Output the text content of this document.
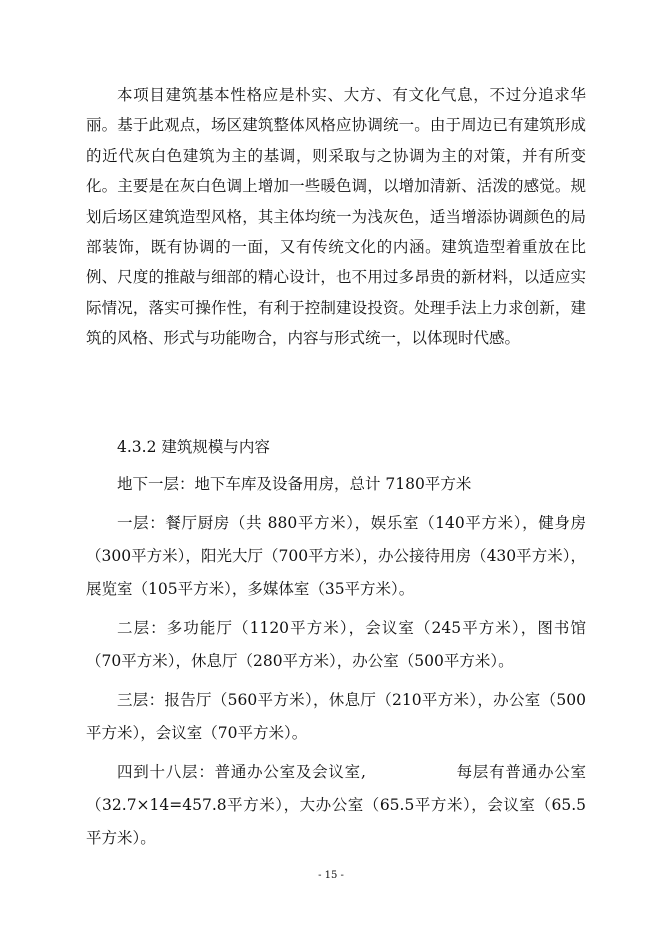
本项目建筑基本性格应是朴实、大方、有文化气息，不过分追求华丽。基于此观点，场区建筑整体风格应协调统一。由于周边已有建筑形成的近代灰白色建筑为主的基调，则采取与之协调为主的对策，并有所变化。主要是在灰白色调上增加一些暖色调，以增加清新、活泼的感觉。规划后场区建筑造型风格，其主体均统一为浅灰色，适当增添协调颜色的局部装饰，既有协调的一面，又有传统文化的内涵。建筑造型着重放在比例、尺度的推敲与细部的精心设计，也不用过多昂贵的新材料，以适应实际情况，落实可操作性，有利于控制建设投资。处理手法上力求创新，建筑的风格、形式与功能吻合，内容与形式统一，以体现时代感。

4.3.2 建筑规模与内容

地下一层：地下车库及设备用房，总计 7180平方米

一层：餐厅厨房（共 880平方米），娱乐室（140平方米），健身房（300平方米），阳光大厅（700平方米），办公接待用房（430平方米），展览室（105平方米），多媒体室（35平方米）。

二层：多功能厅（1120平方米），会议室（245平方米），图书馆（70平方米），休息厅（280平方米），办公室（500平方米）。

三层：报告厅（560平方米），休息厅（210平方米），办公室（500平方米），会议室（70平方米）。

四到十八层：普通办公室及会议室,	每层有普通办公室（32.7×14=457.8平方米），大办公室（65.5平方米），会议室（65.5平方米）。

- 15 -
